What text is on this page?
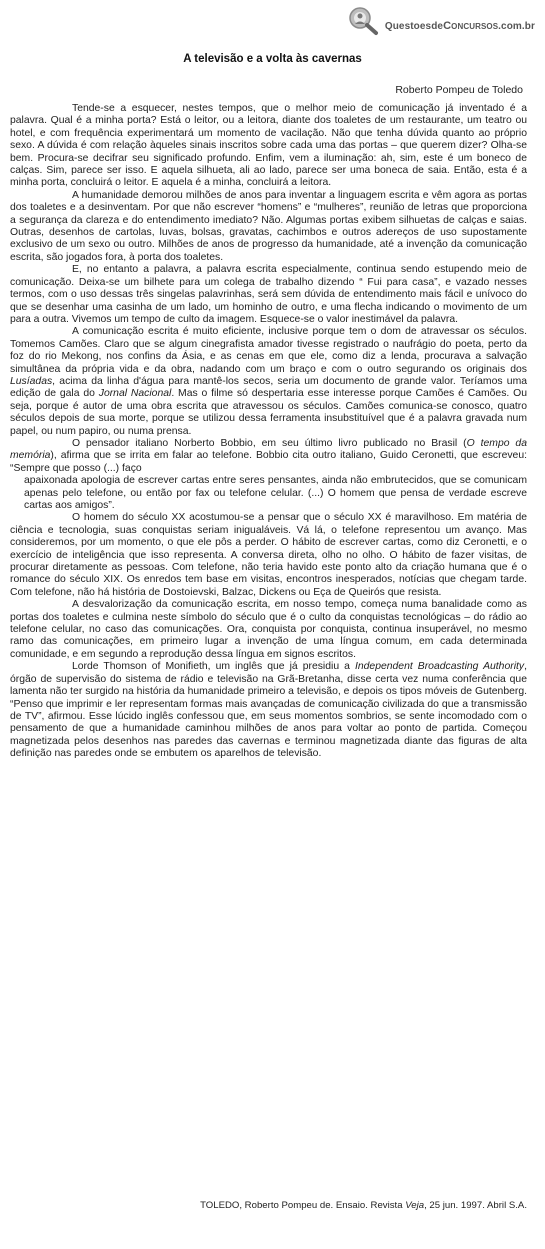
QuestoesdeConcursos.com.br
A televisão e a volta às cavernas
Roberto Pompeu de Toledo

Tende-se a esquecer, nestes tempos, que o melhor meio de comunicação já inventado é a palavra. Qual é a minha porta? Está o leitor, ou a leitora, diante dos toaletes de um restaurante, um teatro ou hotel, e com frequência experimentará um momento de vacilação. Não que tenha dúvida quanto ao próprio sexo. A dúvida é com relação àqueles sinais inscritos sobre cada uma das portas – que querem dizer? Olha-se bem. Procura-se decifrar seu significado profundo. Enfim, vem a iluminação: ah, sim, este é um boneco de calças. Sim, parece ser isso. E aquela silhueta, ali ao lado, parece ser uma boneca de saia. Então, esta é a minha porta, concluirá o leitor. E aquela é a minha, concluirá a leitora.

A humanidade demorou milhões de anos para inventar a linguagem escrita e vêm agora as portas dos toaletes e a desinventam. Por que não escrever “homens” e “mulheres”, reunião de letras que proporciona a segurança da clareza e do entendimento imediato? Não. Algumas portas exibem silhuetas de calças e saias. Outras, desenhos de cartolas, luvas, bolsas, gravatas, cachimbos e outros adereços de uso supostamente exclusivo de um sexo ou outro. Milhões de anos de progresso da humanidade, até a invenção da comunicação escrita, são jogados fora, à porta dos toaletes.

E, no entanto a palavra, a palavra escrita especialmente, continua sendo estupendo meio de comunicação. Deixa-se um bilhete para um colega de trabalho dizendo “ Fui para casa”, e vazado nesses termos, com o uso dessas três singelas palavrinhas, será sem dúvida de entendimento mais fácil e unívoco do que se desenhar uma casinha de um lado, um hominho de outro, e uma flecha indicando o movimento de um para a outra. Vivemos um tempo de culto da imagem. Esquece-se o valor inestimável da palavra.

A comunicação escrita é muito eficiente, inclusive porque tem o dom de atravessar os séculos. Tomemos Camões. Claro que se algum cinegrafista amador tivesse registrado o naufrágio do poeta, perto da foz do rio Mekong, nos confins da Ásia, e as cenas em que ele, como diz a lenda, procurava a salvação simultânea da própria vida e da obra, nadando com um braço e com o outro segurando os originais dos Lusíadas, acima da linha d'água para mantê-los secos, seria um documento de grande valor. Teríamos uma edição de gala do Jornal Nacional. Mas o filme só despertaria esse interesse porque Camões é Camões. Ou seja, porque é autor de uma obra escrita que atravessou os séculos. Camões comunica-se conosco, quatro séculos depois de sua morte, porque se utilizou dessa ferramenta insubstituível que é a palavra gravada num papel, ou num papiro, ou numa prensa.

O pensador italiano Norberto Bobbio, em seu último livro publicado no Brasil (O tempo da memória), afirma que se irrita em falar ao telefone. Bobbio cita outro italiano, Guido Ceronetti, que escreveu: “Sempre que posso (...) faço

apaixonada apologia de escrever cartas entre seres pensantes, ainda não embrutecidos, que se comunicam apenas pelo telefone, ou então por fax ou telefone celular. (...) O homem que pensa de verdade escreve cartas aos amigos”.

O homem do século XX acostumou-se a pensar que o século XX é maravilhoso. Em matéria de ciência e tecnologia, suas conquistas seriam inigualáveis. Vá lá, o telefone representou um avanço. Mas consideremos, por um momento, o que ele pôs a perder. O hábito de escrever cartas, como diz Ceronetti, e o exercício de inteligência que isso representa. A conversa direta, olho no olho. O hábito de fazer visitas, de procurar diretamente as pessoas. Com telefone, não teria havido este ponto alto da criação humana que é o romance do século XIX. Os enredos tem base em visitas, encontros inesperados, notícias que chegam tarde. Com telefone, não há história de Dostoievski, Balzac, Dickens ou Eça de Queirós que resista.

A desvalorização da comunicação escrita, em nosso tempo, começa numa banalidade como as portas dos toaletes e culmina neste símbolo do século que é o culto da conquistas tecnológicas – do rádio ao telefone celular, no caso das comunicações. Ora, conquista por conquista, continua insuperável, no mesmo ramo das comunicações, em primeiro lugar a invenção de uma língua comum, em cada determinada comunidade, e em segundo a reprodução dessa língua em signos escritos.

Lorde Thomson of Monifieth, um inglês que já presidiu a Independent Broadcasting Authority, órgão de supervisão do sistema de rádio e televisão na Grã-Bretanha, disse certa vez numa conferência que lamenta não ter surgido na história da humanidade primeiro a televisão, e depois os tipos móveis de Gutenberg. “Penso que imprimir e ler representam formas mais avançadas de comunicação civilizada do que a transmissão de TV”, afirmou. Esse lúcido inglês confessou que, em seus momentos sombrios, se sente incomodado com o pensamento de que a humanidade caminhou milhões de anos para voltar ao ponto de partida. Começou magnetizada pelos desenhos nas paredes das cavernas e terminou magnetizada diante das figuras de alta definição nas paredes onde se embutem os aparelhos de televisão.

TOLEDO, Roberto Pompeu de. Ensaio. Revista Veja, 25 jun. 1997. Abril S.A.
